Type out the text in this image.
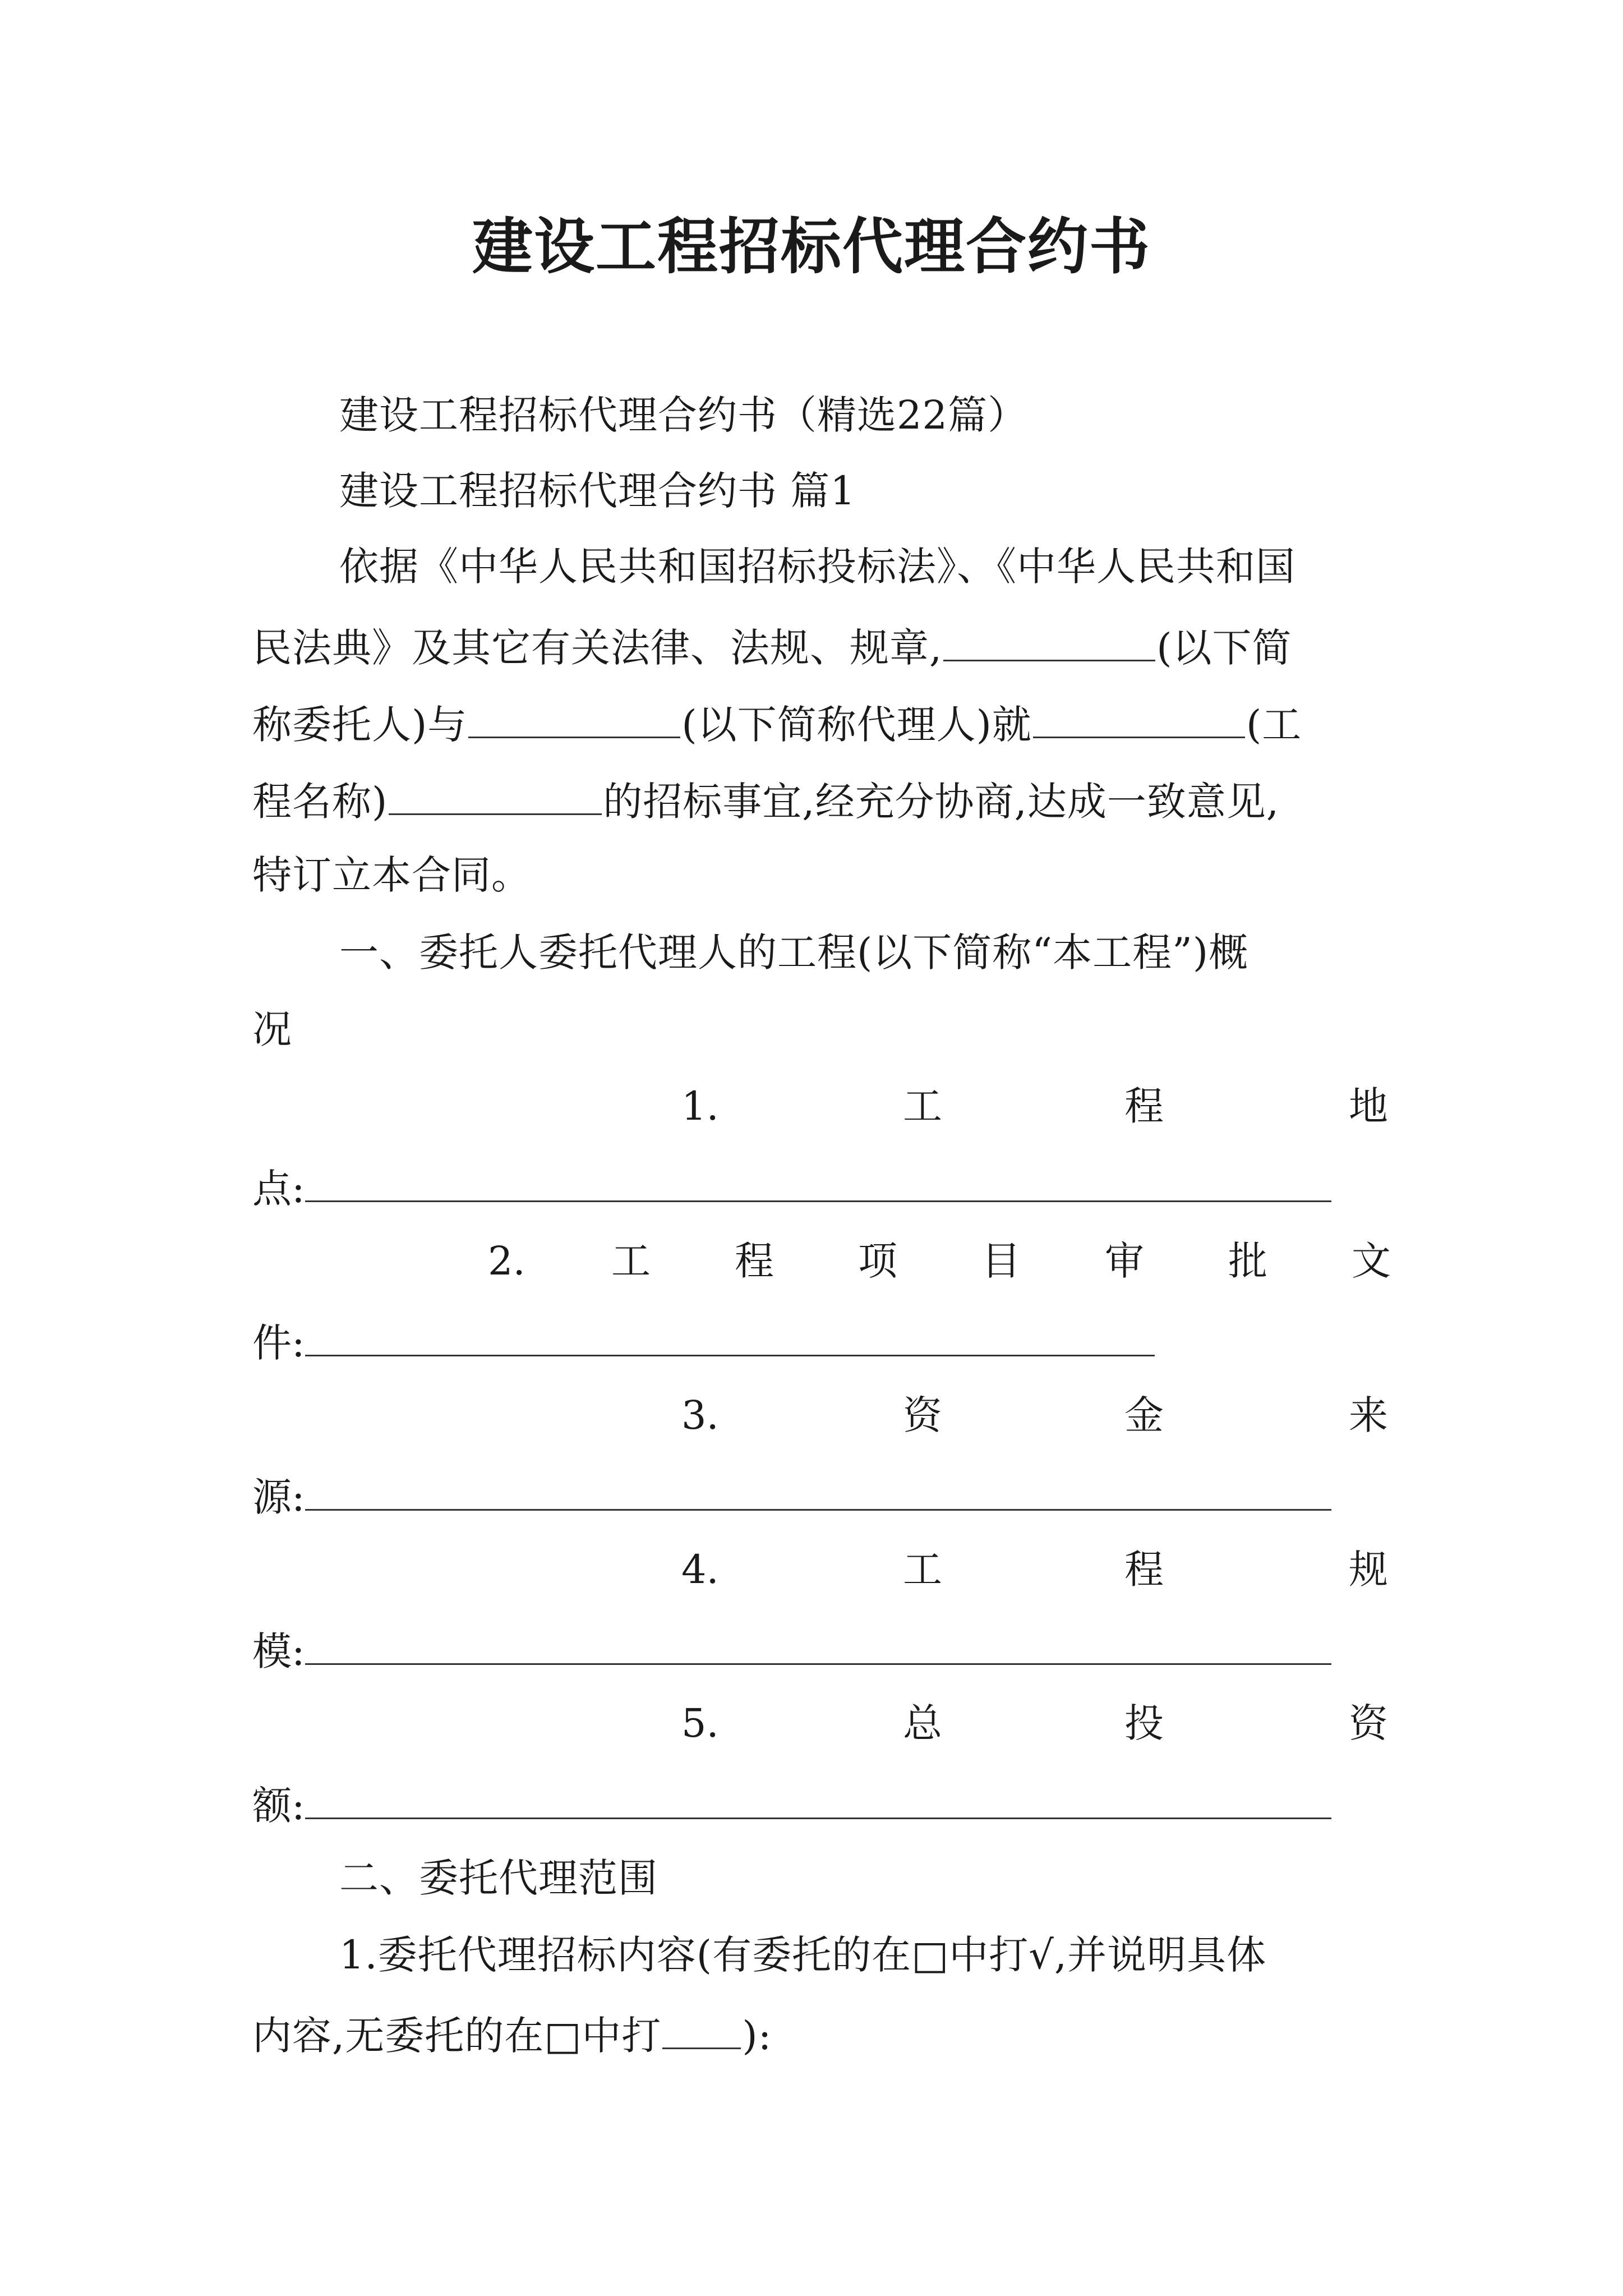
建设工程招标代理合约书
建设工程招标代理合约书（精选22篇）
建设工程招标代理合约书 篇1
依据《中华人民共和国招标投标法》、《中华人民共和国
民法典》及其它有关法律、法规、规章,	(以下简
称委托人)与	(以下简称代理人)就	(工
程名称)	的招标事宜,经充分协商,达成一致意见,
特订立本合同。
一、委托人委托代理人的工程(以下简称“本工程”)概
况
1.	工	程	地
点:
2. 工 程 项 目 审 批 文
件:
3.	资	金	来
源:
4.	工	程	规
模:
5.	总	投	资
额:
二、委托代理范围
1.委托代理招标内容(有委托的在□中打√,并说明具体
内容,无委托的在□中打 ):
